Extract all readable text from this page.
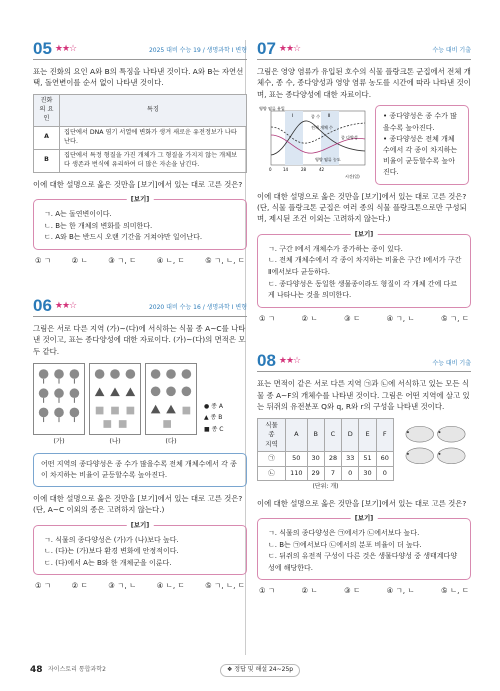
05 ★★☆	2025 대비 수능 19 / 생명과학 Ⅰ 변형

표는 진화의 요인 A와 B의 특징을 나타낸 것이다. A와 B는 자연선택, 돌연변이를 순서 없이 나타낸 것이다.

진화의 요인	특징
A	집단에서 DNA 염기 서열에 변화가 생겨 새로운 유전정보가 나타난다.
B	집단에서 특정 형질을 가진 개체가 그 형질을 가지지 않는 개체보다 생존과 번식에 유리하여 더 많은 자손을 남긴다.

이에 대한 설명으로 옳은 것만을 [보기]에서 있는 대로 고른 것은?

[보기]
ㄱ. A는 돌연변이이다.
ㄴ. B는 한 개체의 변화를 의미한다.
ㄷ. A와 B는 반드시 오랜 기간을 거쳐야만 일어난다.
① ㄱ	② ㄴ	③ ㄱ, ㄷ	④ ㄴ, ㄷ	⑤ ㄱ, ㄴ, ㄷ
06 ★★☆	2020 대비 수능 16 / 생명과학 Ⅰ 변형

그림은 서로 다른 지역 (가)~(다)에 서식하는 식물 종 A~C를 나타낸 것이고, 표는 종다양성에 대한 자료이다. (가)~(다)의 면적은 모두 같다.

● 종 A
▲ 종 B
■ 종 C
(가)	(나)	(다)
어떤 지역의 종다양성은 종 수가 많을수록 전체 개체수에서 각 종이 차지하는 비율이 균등할수록 높아진다.

이에 대한 설명으로 옳은 것만을 [보기]에서 있는 대로 고른 것은? (단, A~C 이외의 종은 고려하지 않는다.)

[보기]
ㄱ. 식물의 종다양성은 (가)가 (나)보다 높다.
ㄴ. (다)는 (가)보다 환경 변화에 안정적이다.
ㄷ. (다)에서 A는 B와 한 개체군을 이룬다.
① ㄱ	② ㄷ	③ ㄱ, ㄴ	④ ㄴ, ㄷ	⑤ ㄱ, ㄴ, ㄷ
07 ★★☆	수능 대비 기출

그림은 영양 염류가 유입된 호수의 식물 플랑크톤 군집에서 전체 개체수, 종 수, 종다양성과 영양 염류 농도를 시간에 따라 나타낸 것이며, 표는 종다양성에 대한 자료이다.

영양 염류 유입
종 수
전체 개체 수
종 다양성
영양 염류 농도
시간(일)
Ⅰ	Ⅱ
0	14	28	42
• 종다양성은 종 수가 많을수록 높아진다.
• 종다양성은 전체 개체수에서 각 종이 차지하는 비율이 균등할수록 높아진다.

이에 대한 설명으로 옳은 것만을 [보기]에서 있는 대로 고른 것은? (단, 식물 플랑크톤 군집은 여러 종의 식물 플랑크톤으로만 구성되며, 제시된 조건 이외는 고려하지 않는다.)

[보기]
ㄱ. 구간 Ⅰ에서 개체수가 증가하는 종이 있다.
ㄴ. 전체 개체수에서 각 종이 차지하는 비율은 구간 Ⅰ에서가 구간 Ⅱ에서보다 균등하다.
ㄷ. 종다양성은 동일한 생물종이라도 형질이 각 개체 간에 다르게 나타나는 것을 의미한다.
① ㄱ	② ㄴ	③ ㄷ	④ ㄱ, ㄴ	⑤ ㄱ, ㄷ
08 ★★☆	수능 대비 기출

표는 면적이 같은 서로 다른 지역 ㉠과 ㉡에 서식하고 있는 모든 식물 종 A~F의 개체수를 나타낸 것이다. 그림은 어떤 지역에 살고 있는 뒤쥐의 유전분포 Q와 q, R와 r의 구성을 나타낸 것이다.

식물 종
지역	A	B	C	D	E	F
㉠	50	30	28	33	51	60
㉡	110	29	7	0	30	0
(단위: 개)

이에 대한 설명으로 옳은 것만을 [보기]에서 있는 대로 고른 것은?

[보기]
ㄱ. 식물의 종다양성은 ㉠에서가 ㉡에서보다 높다.
ㄴ. B는 ㉠에서보다 ㉡에서의 분포 비율이 더 높다.
ㄷ. 뒤쥐의 유전적 구성이 다른 것은 생물다양성 중 생태계다양성에 해당한다.
① ㄱ	② ㄴ	③ ㄷ	④ ㄱ, ㄴ	⑤ ㄴ, ㄷ
48 자이스토리 통합과학2	❖ 정답 및 해설 24~25p
